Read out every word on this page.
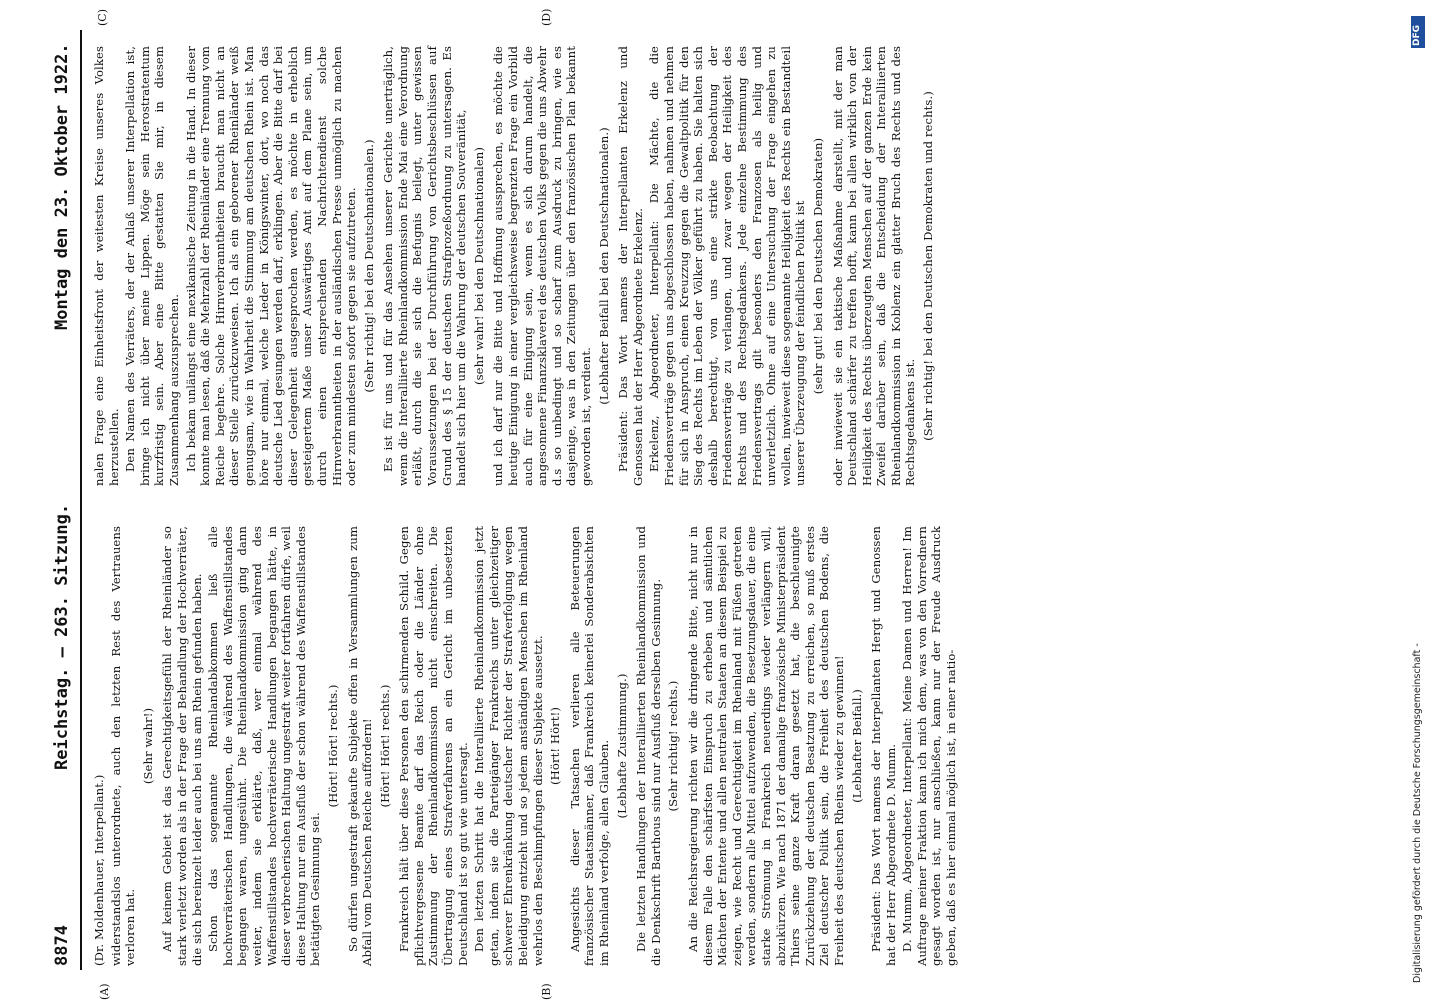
8874
Reichstag. — 263. Sitzung.
Montag den 23. Oktober 1922.
(A)	(B)
(C)	(D)

(Dr. Moldenhauer, Interpellant.) widerstandslos unterordnete, auch den letzten Rest des Vertrauens verloren hat.

(Sehr wahr!) Auf keinem Gebiet ist das Gerechtigkeitsgefühl der Rheinländer so stark verletzt worden als in der Frage der Behandlung der Hochverräter, die sich bereinzelt leider auch bei uns am Rhein gefunden haben. Schon das sogenannte Rheinlandabkommen ließ alle hochverräterischen Handlungen, die während des Waffenstillstandes begangen waren, ungesühnt. Die Rheinlandkommission ging dann weiter, indem sie erklärte, daß, wer einmal während des Waffenstillstandes hochverräterische Handlungen begangen hätte, in dieser verbrecherischen Haltung ungestraft weiter fortfahren dürfe, weil diese Haltung nur ein Ausfluß der schon während des Waffenstillstandes betätigten Gesinnung sei.

(Hört! Hört! rechts.) So dürfen ungestraft gekaufte Subjekte offen in Versammlungen zum Abfall vom Deutschen Reiche auffordern! (Hört! Hört! rechts.) Frankreich hält über diese Personen den schirmenden Schild. Gegen pflichtvergessene Beamte darf das Reich oder die Länder ohne Zustimmung der Rheinlandkommission nicht einschreiten. Die Übertragung eines Strafverfahrens an ein Gericht im unbesetzten Deutschland ist so gut wie untersagt. Den letzten Schritt hat die Interalliierte Rheinlandkommission jetzt getan, indem sie die Parteigänger Frankreichs unter gleichzeitiger schwerer Ehrenkränkung deutscher Richter der Strafverfolgung wegen Beleidigung entzieht und so jedem anständigen Menschen im Rheinland wehrlos den Beschimpfungen dieser Subjekte aussetzt. (Hört! Hört!) Angesichts dieser Tatsachen verlieren alle Beteuerungen französischer Staatsmänner, daß Frankreich keinerlei Sonderabsichten im Rheinland verfolge, allen Glauben. (Lebhafte Zustimmung.) Die letzten Handlungen der Interalliierten Rheinlandkommission und die Denkschrift Barthous sind nur Ausfluß derselben Gesinnung. (Sehr richtig! rechts.) An die Reichsregierung richten wir die dringende Bitte, nicht nur in diesem Falle den schärfsten Einspruch zu erheben und sämtlichen Mächten der Entente und allen neutralen Staaten an diesem Beispiel zu zeigen, wie Recht und Gerechtigkeit im Rheinland mit Füßen getreten werden, sondern alle Mittel aufzuwenden, die Besetzungsdauer, die eine starke Strömung in Frankreich neuerdings wieder verlängern will, abzukürzen. Wie nach 1871 der damalige französische Ministerpräsident Thiers seine ganze Kraft daran gesetzt hat, die beschleunigte Zurückziehung der deutschen Besatzung zu erreichen, so muß erstes Ziel deutscher Politik sein, die Freiheit des deutschen Bodens, die Freiheit des deutschen Rheins wieder zu gewinnen! (Lebhafter Beifall.) Präsident: Das Wort namens der Interpellanten Hergt und Genossen hat der Herr Abgeordnete D. Mumm. D. Mumm, Abgeordneter, Interpellant: Meine Damen und Herren! Im Auftrage meiner Fraktion kann ich mich dem, was von den Vorrednern gesagt worden ist, nur anschließen, kann nur der Freude Ausdruck geben, daß es hier einmal möglich ist, in einer natio-

nalen Frage eine Einheitsfront der weitesten Kreise unseres Volkes herzustellen. Den Namen des Verräters, der der Anlaß unserer Interpellation ist, bringe ich nicht über meine Lippen. Möge sein Herostratentum kurzfristig sein. Aber eine Bitte gestatten Sie mir, in diesem Zusammenhang auszusprechen. Ich bekam unlängst eine mexikanische Zeitung in die Hand. In dieser konnte man lesen, daß die Mehrzahl der Rheinländer eine Trennung vom Reiche begehre. Solche Hirnverbranntheiten braucht man nicht an dieser Stelle zurückzuweisen. Ich als ein geborener Rheinländer weiß genugsam, wie in Wahrheit die Stimmung am deutschen Rhein ist. Man höre nur einmal, welche Lieder in Königswinter, dort, wo noch das deutsche Lied gesungen werden darf, erklingen. Aber die Bitte darf bei dieser Gelegenheit ausgesprochen werden, es möchte in erheblich gesteigertem Maße unser Auswärtiges Amt auf dem Plane sein, um durch einen entsprechenden Nachrichtendienst solche Hirnverbranntheiten in der ausländischen Presse unmöglich zu machen oder zum mindesten sofort gegen sie aufzutreten. (Sehr richtig! bei den Deutschnationalen.) Es ist für uns und für das Ansehen unserer Gerichte unerträglich, wenn die Interalliierte Rheinlandkommission Ende Mai eine Verordnung erläßt, durch die sie sich die Befugnis beilegt, unter gewissen Voraussetzungen bei der Durchführung von Gerichtsbeschlüssen auf Grund des § 15 der deutschen Strafprozeßordnung zu untersagen. Es handelt sich hier um die Wahrung der deutschen Souveränität, (sehr wahr! bei den Deutschnationalen) und ich darf nur die Bitte und Hoffnung aussprechen, es möchte die heutige Einigung in einer vergleichsweise begrenzten Frage ein Vorbild auch für eine Einigung sein, wenn es sich darum handelt, die angesonnene Finanzsklaverei des deutschen Volks gegen die uns Abwehr d.s so unbedingt und so scharf zum Ausdruck zu bringen, wie es dasjenige, was in den Zeitungen über den französischen Plan bekannt geworden ist, verdient.

(Lebhafter Beifall bei den Deutschnationalen.) Präsident: Das Wort namens der Interpellanten Erkelenz und Genossen hat der Herr Abgeordnete Erkelenz. Erkelenz, Abgeordneter, Interpellant: Die Mächte, die die Friedensverträge gegen uns abgeschlossen haben, nahmen und nehmen für sich in Anspruch, einen Kreuzzug gegen die Gewaltpolitik für den Sieg des Rechts im Leben der Völker geführt zu haben. Sie halten sich deshalb berechtigt, von uns eine strikte Beobachtung der Friedensverträge zu verlangen, und zwar wegen der Heiligkeit des Rechts und des Rechtsgedankens. Jede einzelne Bestimmung des Friedensvertrags gilt besonders den Franzosen als heilig und unverletzlich. Ohne auf eine Untersuchung der Frage eingehen zu wollen, inwieweit diese sogenannte Heiligkeit des Rechts ein Bestandteil unserer Überzeugung der feindlichen Politik ist (sehr gut! bei den Deutschen Demokraten) oder inwieweit sie ein taktische Maßnahme darstellt, mit der man Deutschland schärfer zu treffen hofft, kann bei allen wirklich von der Heiligkeit des Rechts überzeugten Menschen auf der ganzen Erde kein Zweifel darüber sein, daß die Entscheidung der Interalliierten Rheinlandkommission in Koblenz ein glatter Bruch des Rechts und des Rechtsgedankens ist. (Sehr richtig! bei den Deutschen Demokraten und rechts.)

DFG
Digitalisierung gefördert durch die Deutsche Forschungsgemeinschaft -
